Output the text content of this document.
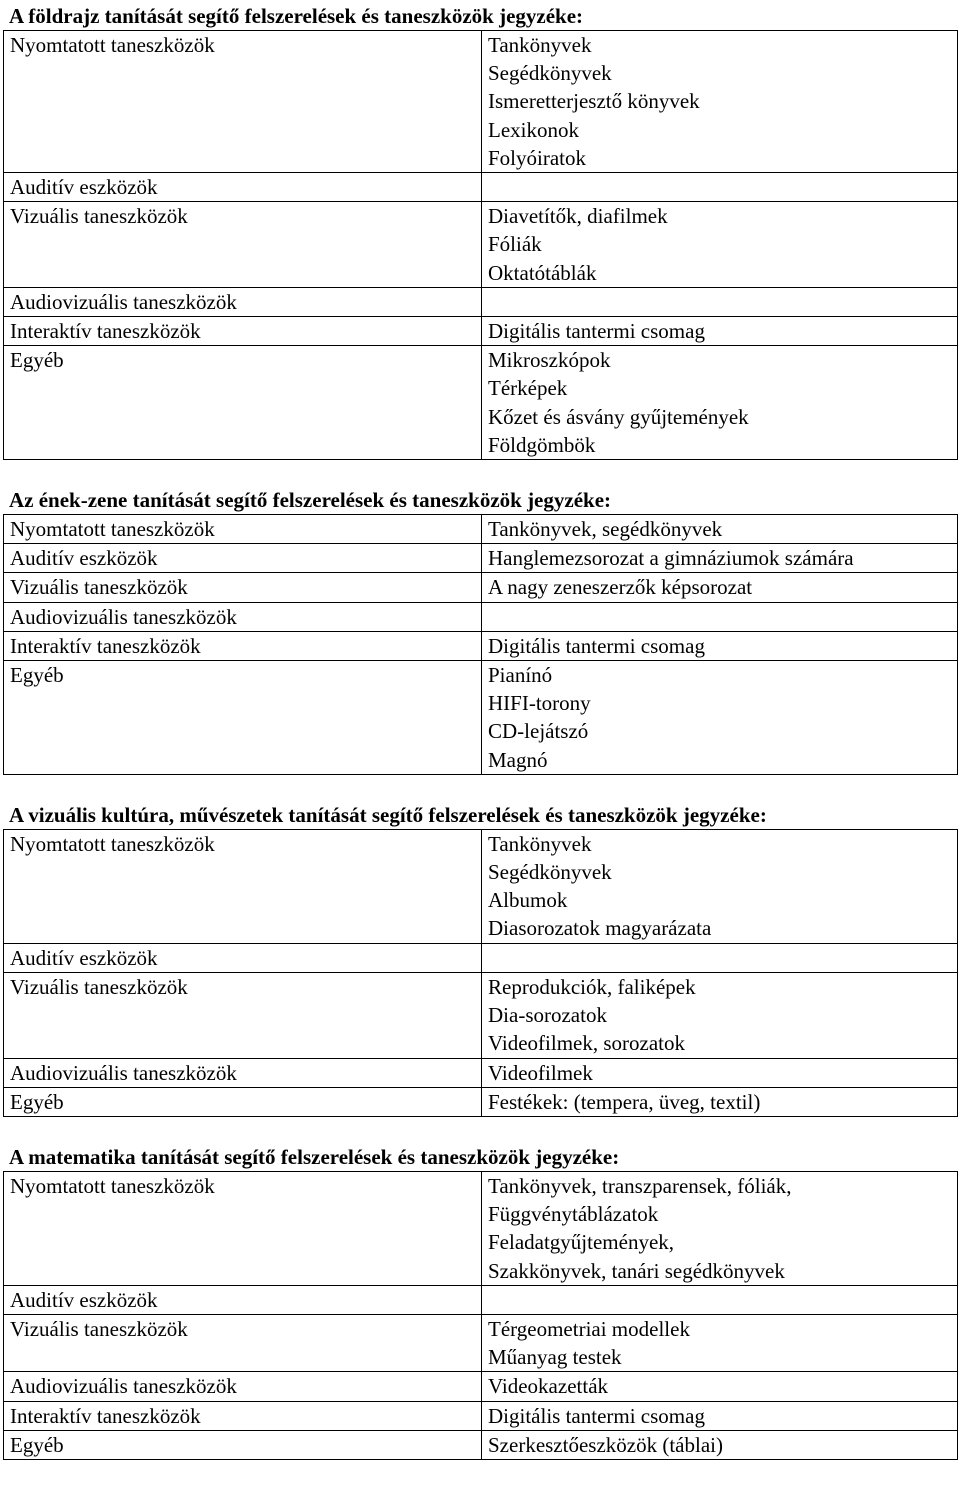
A földrajz tanítását segítő felszerelések és taneszközök jegyzéke:
Nyomtatott taneszközök	Tankönyvek
Segédkönyvek
Ismeretterjesztő könyvek
Lexikonok
Folyóiratok

Auditív eszközök	

Vizuális taneszközök	Diavetítők, diafilmek
Fóliák
Oktatótáblák

Audiovizuális taneszközök	

Interaktív taneszközök	Digitális tantermi csomag

Egyéb	Mikroszkópok
Térképek
Kőzet és ásvány gyűjtemények
Földgömbök
Az ének-zene tanítását segítő felszerelések és taneszközök jegyzéke:
Nyomtatott taneszközök	Tankönyvek, segédkönyvek

Auditív eszközök	Hanglemezsorozat a gimnáziumok számára

Vizuális taneszközök	A nagy zeneszerzők képsorozat

Audiovizuális taneszközök	

Interaktív taneszközök	Digitális tantermi csomag

Egyéb	Pianínó
HIFI-torony
CD-lejátszó
Magnó
A vizuális kultúra, művészetek tanítását segítő felszerelések és taneszközök jegyzéke:
Nyomtatott taneszközök	Tankönyvek
Segédkönyvek
Albumok
Diasorozatok magyarázata

Auditív eszközök	

Vizuális taneszközök	Reprodukciók, faliképek
Dia-sorozatok
Videofilmek, sorozatok

Audiovizuális taneszközök	Videofilmek

Egyéb	Festékek: (tempera, üveg, textil)
A matematika tanítását segítő felszerelések és taneszközök jegyzéke:
Nyomtatott taneszközök	Tankönyvek, transzparensek, fóliák,
Függvénytáblázatok
Feladatgyűjtemények,
Szakkönyvek, tanári segédkönyvek

Auditív eszközök	

Vizuális taneszközök	Térgeometriai modellek
Műanyag testek

Audiovizuális taneszközök	Videokazetták

Interaktív taneszközök	Digitális tantermi csomag

Egyéb	Szerkesztőeszközök (táblai)
